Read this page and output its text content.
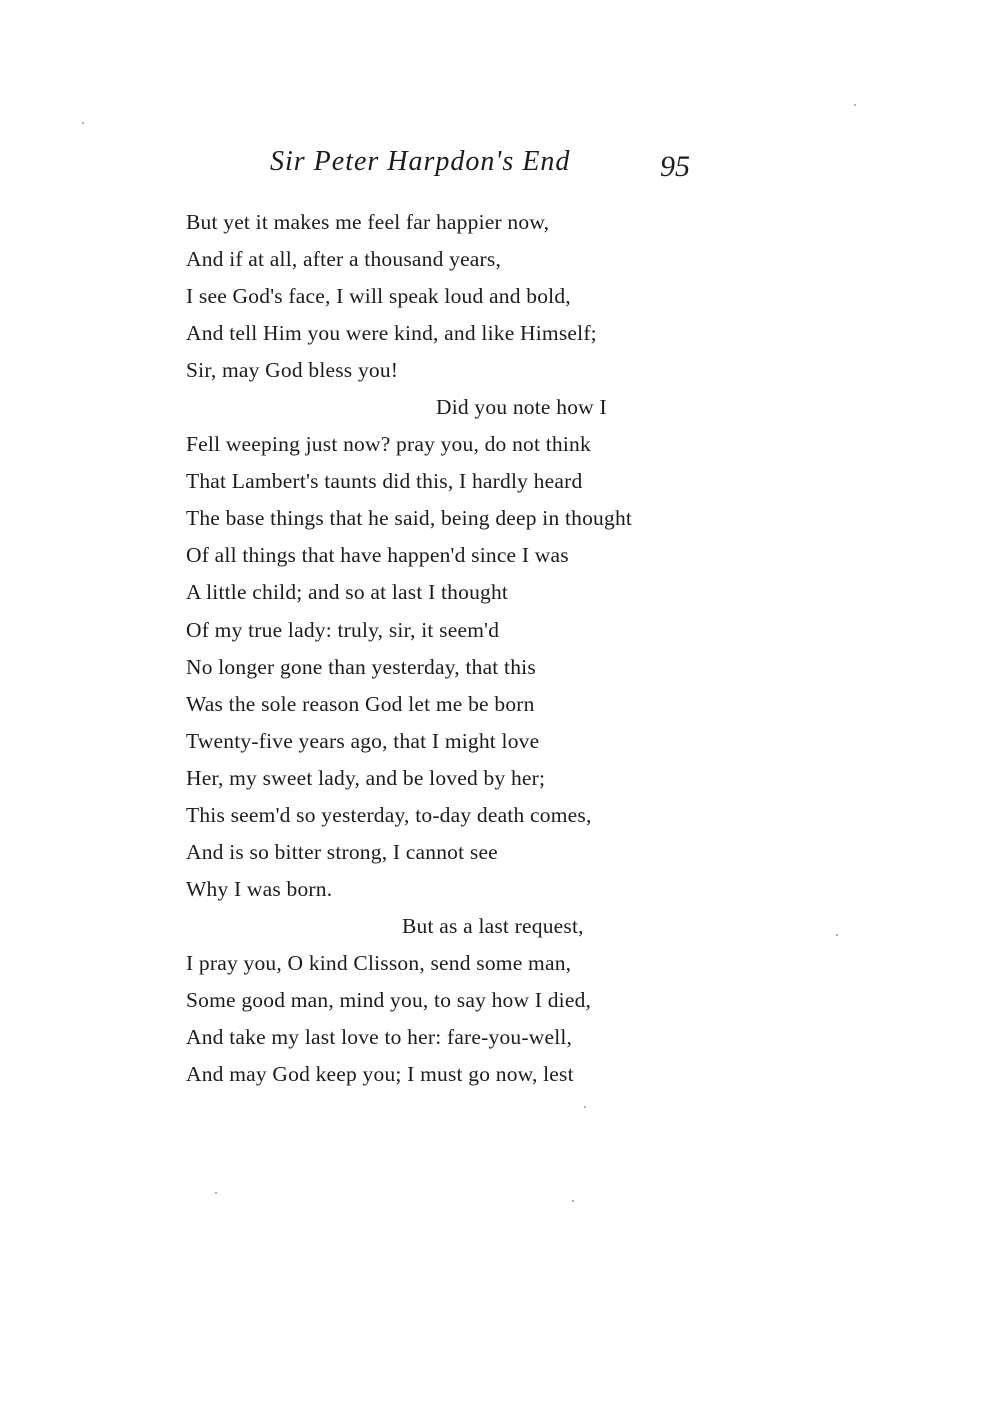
Sir Peter Harpdon's End	95
But yet it makes me feel far happier now,
And if at all, after a thousand years,
I see God's face, I will speak loud and bold,
And tell Him you were kind, and like Himself;
Sir, may God bless you!
Did you note how I
Fell weeping just now? pray you, do not think
That Lambert's taunts did this, I hardly heard
The base things that he said, being deep in thought
Of all things that have happen'd since I was
A little child; and so at last I thought
Of my true lady: truly, sir, it seem'd
No longer gone than yesterday, that this
Was the sole reason God let me be born
Twenty-five years ago, that I might love
Her, my sweet lady, and be loved by her;
This seem'd so yesterday, to-day death comes,
And is so bitter strong, I cannot see
Why I was born.
But as a last request,
I pray you, O kind Clisson, send some man,
Some good man, mind you, to say how I died,
And take my last love to her: fare-you-well,
And may God keep you; I must go now, lest
